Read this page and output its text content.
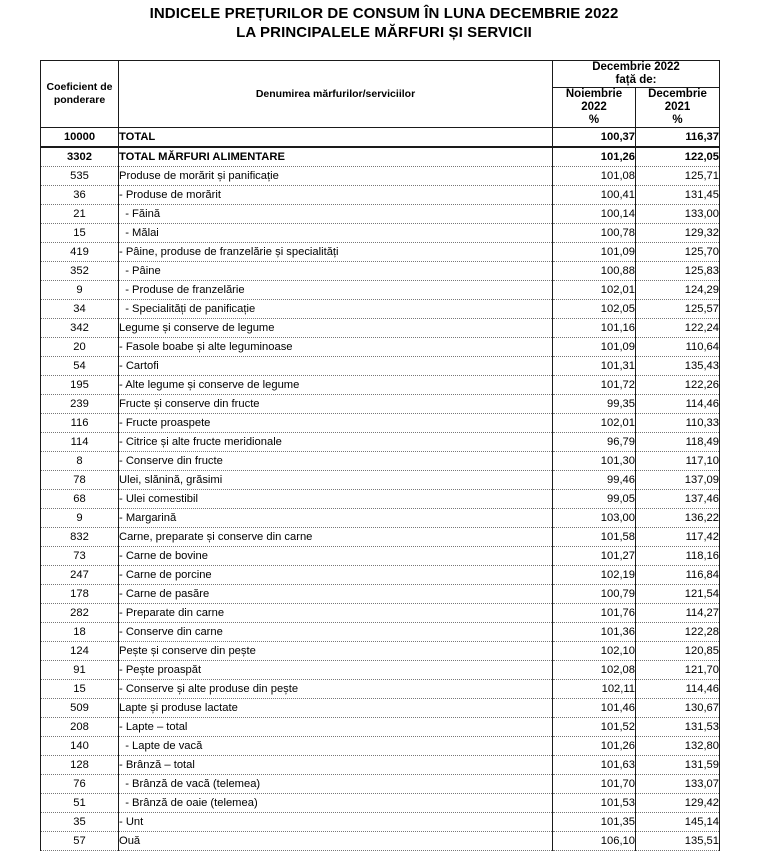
INDICELE PREȚURILOR DE CONSUM ÎN LUNA DECEMBRIE 2022
LA PRINCIPALELE MĂRFURI ȘI SERVICII
Coeficient de
ponderare	Denumirea mărfurilor/serviciilor	Decembrie 2022
față de:	

		Noiembrie
2022
%	Decembrie
2021
%

10000	TOTAL	100,37	116,37
3302	TOTAL MĂRFURI ALIMENTARE	101,26	122,05
535	Produse de morărit și panificație	101,08	125,71
36	- Produse de morărit	100,41	131,45
21	- Făină	100,14	133,00
15	- Mălai	100,78	129,32
419	- Pâine, produse de franzelărie și specialități	101,09	125,70
352	- Pâine	100,88	125,83
9	- Produse de franzelărie	102,01	124,29
34	- Specialități de panificație	102,05	125,57
342	Legume și conserve de legume	101,16	122,24
20	- Fasole boabe și alte leguminoase	101,09	110,64
54	- Cartofi	101,31	135,43
195	- Alte legume și conserve de legume	101,72	122,26
239	Fructe și conserve din fructe	99,35	114,46
116	- Fructe proaspete	102,01	110,33
114	- Citrice și alte fructe meridionale	96,79	118,49
8	- Conserve din fructe	101,30	117,10
78	Ulei, slănină, grăsimi	99,46	137,09
68	- Ulei comestibil	99,05	137,46
9	- Margarină	103,00	136,22
832	Carne, preparate și conserve din carne	101,58	117,42
73	- Carne de bovine	101,27	118,16
247	- Carne de porcine	102,19	116,84
178	- Carne de pasăre	100,79	121,54
282	- Preparate din carne	101,76	114,27
18	- Conserve din carne	101,36	122,28
124	Pește și conserve din pește	102,10	120,85
91	- Pește proaspăt	102,08	121,70
15	- Conserve și alte produse din pește	102,11	114,46
509	Lapte și produse lactate	101,46	130,67
208	- Lapte – total	101,52	131,53
140	- Lapte de vacă	101,26	132,80
128	- Brânză – total	101,63	131,59
76	- Brânză de vacă (telemea)	101,70	133,07
51	- Brânză de oaie (telemea)	101,53	129,42
35	- Unt	101,35	145,14
57	Ouă	106,10	135,51
